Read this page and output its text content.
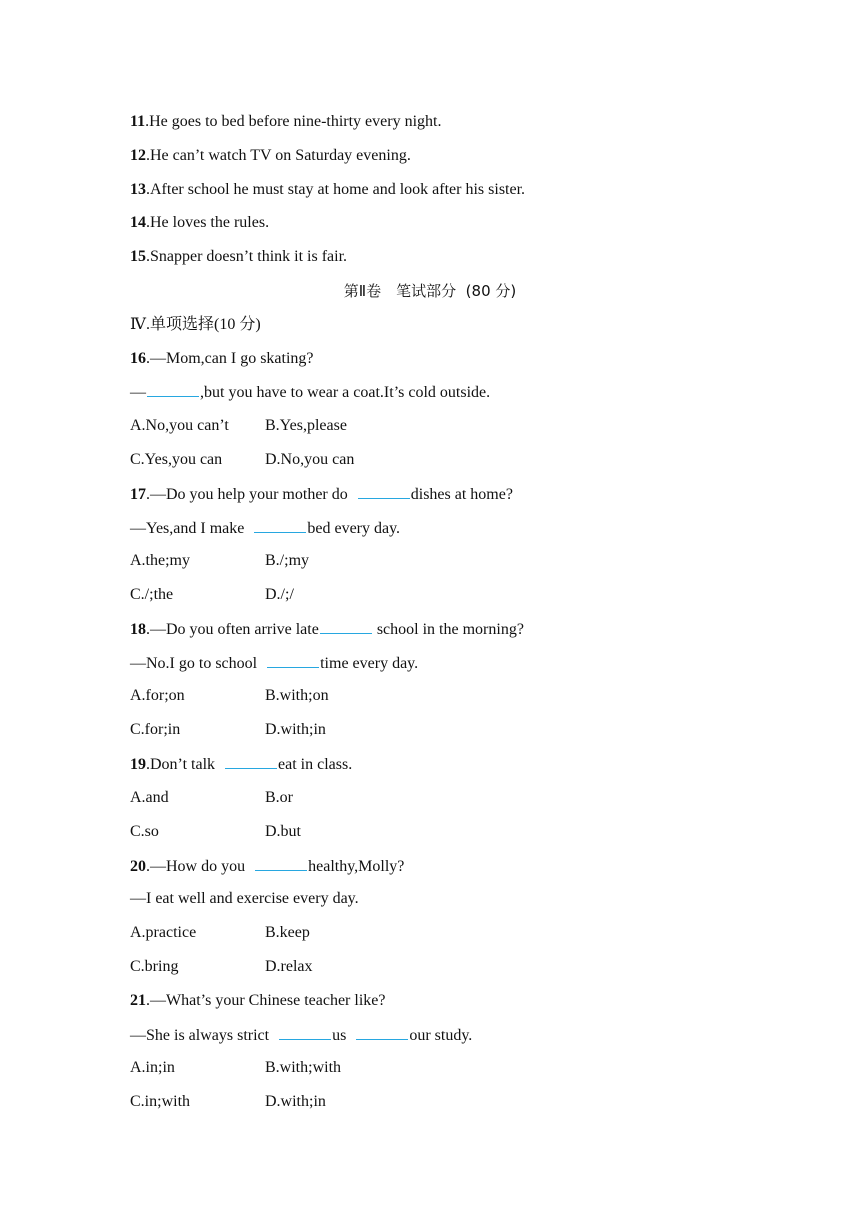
11.He goes to bed before nine-thirty every night.
12.He can’t watch TV on Saturday evening.
13.After school he must stay at home and look after his sister.
14.He loves the rules.
15.Snapper doesn’t think it is fair.
第Ⅱ卷　笔试部分  (80 分)
Ⅳ.单项选择(10 分)
16.—Mom,can I go skating?
—	,but you have to wear a coat.It’s cold outside.
A.No,you can’t B.Yes,please
C.Yes,you can	D.No,you can
17.—Do you help your mother do	dishes at home?
—Yes,and I make	bed every day.
A.the;my	B./;my
C./;the	D./;/
18.—Do you often arrive late	school in the morning?
—No.I go to school	time every day.
A.for;on	B.with;on
C.for;in	D.with;in
19.Don’t talk	eat in class.
A.and	B.or
C.so	D.but
20.—How do you	healthy,Molly?
—I eat well and exercise every day.
A.practice	B.keep
C.bring	D.relax
21.—What’s your Chinese teacher like?
—She is always strict	us	our study.
A.in;in	B.with;with
C.in;with	D.with;in
